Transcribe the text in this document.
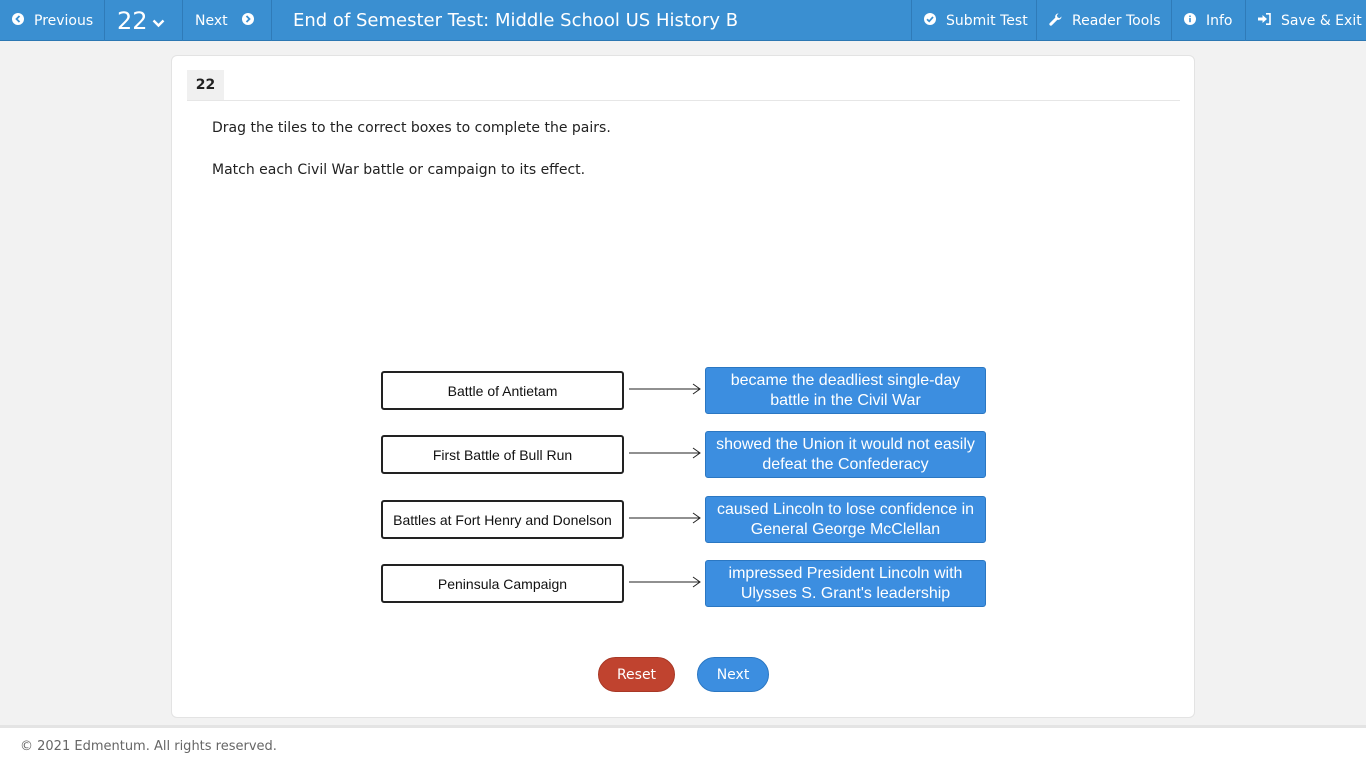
Previous 22	Next	End of Semester Test: Middle School US History B	Submit Test	Reader Tools	Info	Save & Exit
22
Drag the tiles to the correct boxes to complete the pairs.
Match each Civil War battle or campaign to its effect.
Battle of Antietam
became the deadliest single-day battle in the Civil War
First Battle of Bull Run
showed the Union it would not easily defeat the Confederacy
Battles at Fort Henry and Donelson
caused Lincoln to lose confidence in General George McClellan
Peninsula Campaign
impressed President Lincoln with Ulysses S. Grant's leadership
Reset	Next
© 2021 Edmentum. All rights reserved.
